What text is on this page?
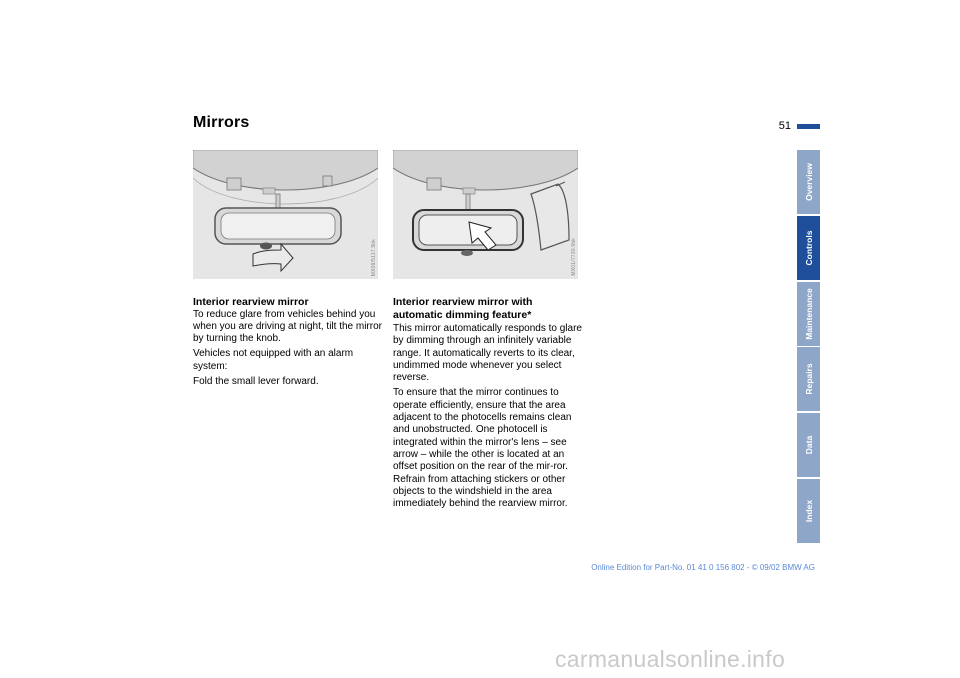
Mirrors	51
MX09/5117.9bk	MX01/7730.9bk
Interior rearview mirror

To reduce glare from vehicles behind you when you are driving at night, tilt the mirror by turning the knob.

Vehicles not equipped with an alarm system:

Fold the small lever forward.

Interior rearview mirror with automatic dimming feature*

This mirror automatically responds to glare by dimming through an infinitely variable range. It automatically reverts to its clear, undimmed mode whenever you select reverse.

To ensure that the mirror continues to operate efficiently, ensure that the area adjacent to the photocells remains clean and unobstructed. One photocell is integrated within the mirror's lens – see arrow – while the other is located at an offset position on the rear of the mir-ror. Refrain from attaching stickers or other objects to the windshield in the area immediately behind the rearview mirror.

Overview
Controls
Maintenance
Repairs
Data
Index
Online Edition for Part-No. 01 41 0 156 802 - © 09/02 BMW AG
carmanualsonline.info
